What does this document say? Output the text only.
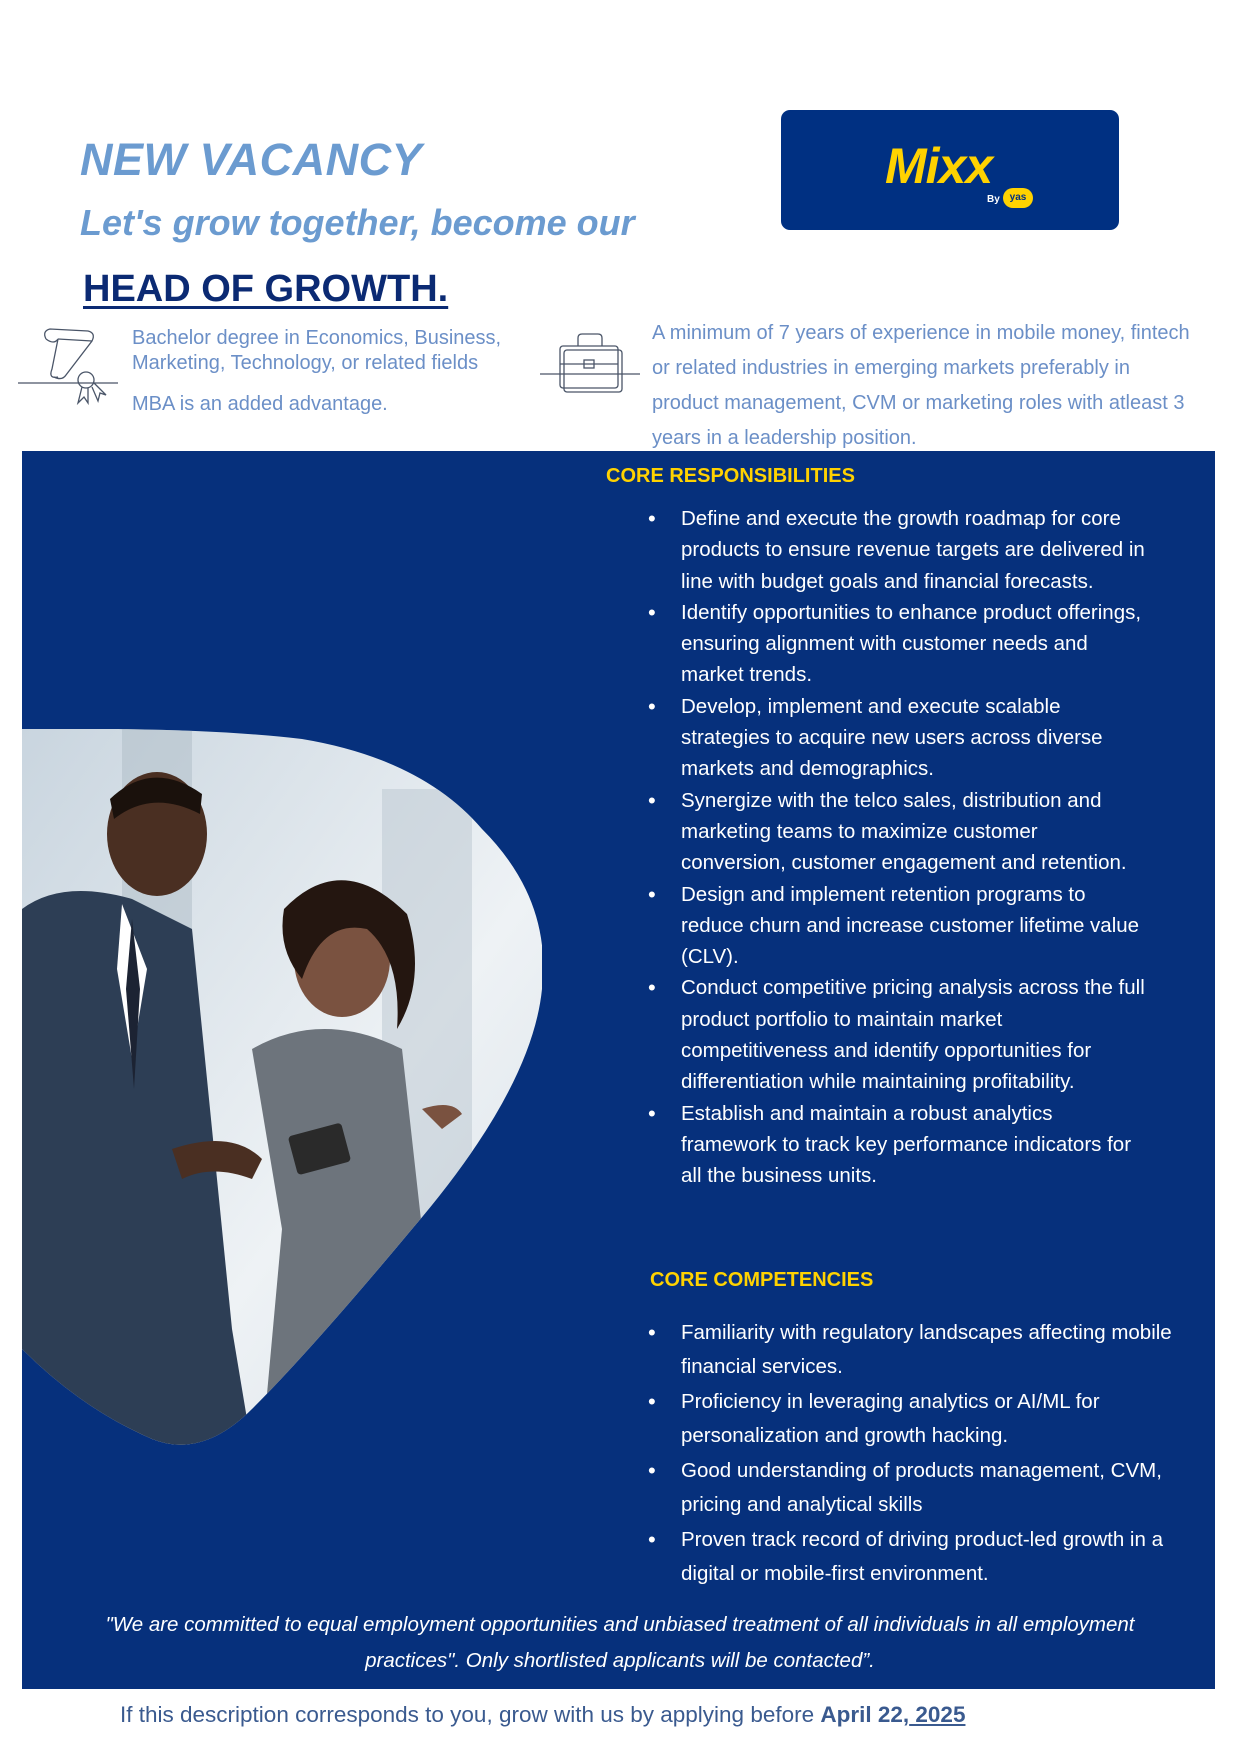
NEW VACANCY
Let's grow together, become our
HEAD OF GROWTH.
Mixx
By yas
Bachelor degree in Economics, Business, Marketing, Technology, or related fields
MBA is an added advantage.
A minimum of 7 years of experience in mobile money, fintech or related industries in emerging markets preferably in product management, CVM or marketing roles with atleast 3 years in a leadership position.
CORE RESPONSIBILITIES
• Define and execute the growth roadmap for core products to ensure revenue targets are delivered in line with budget goals and financial forecasts.
• Identify opportunities to enhance product offerings, ensuring alignment with customer needs and market trends.
• Develop, implement and execute scalable strategies to acquire new users across diverse markets and demographics.
• Synergize with the telco sales, distribution and marketing teams to maximize customer conversion, customer engagement and retention.
• Design and implement retention programs to reduce churn and increase customer lifetime value (CLV).
• Conduct competitive pricing analysis across the full product portfolio to maintain market competitiveness and identify opportunities for differentiation while maintaining profitability.
• Establish and maintain a robust analytics framework to track key performance indicators for all the business units.
CORE COMPETENCIES
• Familiarity with regulatory landscapes affecting mobile financial services.
• Proficiency in leveraging analytics or AI/ML for personalization and growth hacking.
• Good understanding of products management, CVM, pricing and analytical skills
• Proven track record of driving product-led growth in a digital or mobile-first environment.
"We are committed to equal employment opportunities and unbiased treatment of all individuals in all employment practices". Only shortlisted applicants will be contacted”.
If this description corresponds to you, grow with us by applying before April 22, 2025
